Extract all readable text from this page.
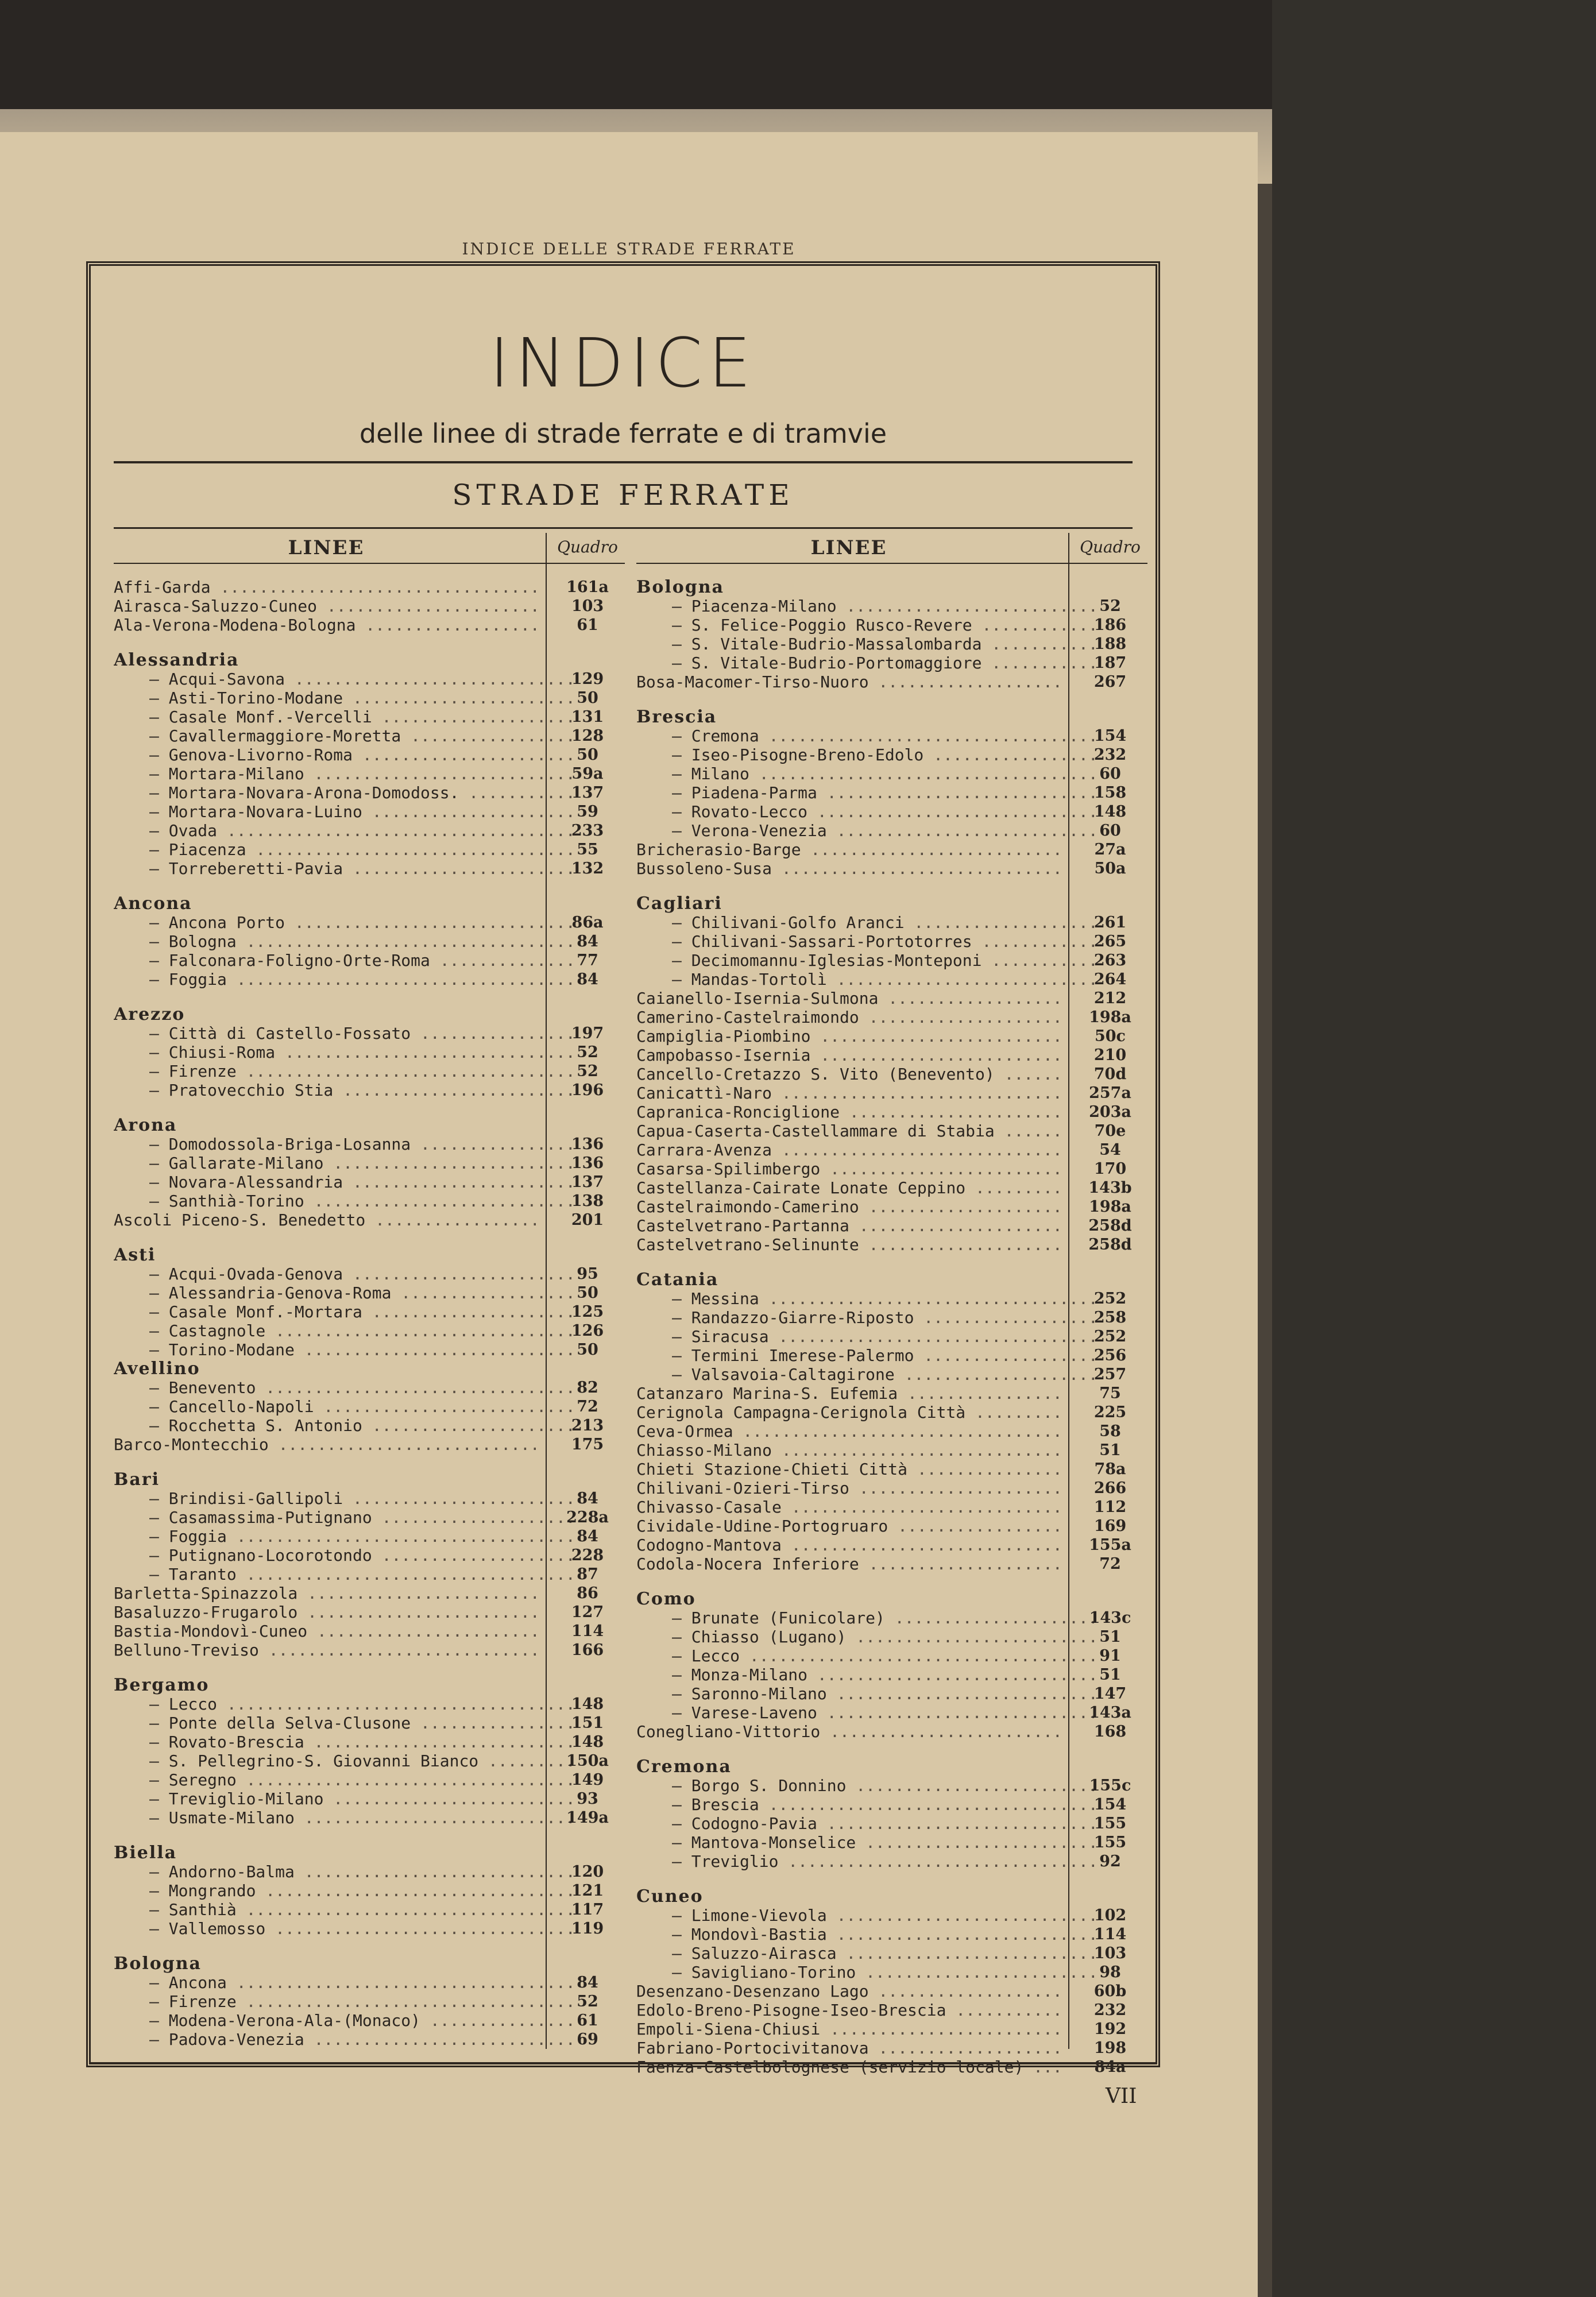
INDICE DELLE STRADE FERRATE
INDICE
delle linee di strade ferrate e di tramvie
STRADE FERRATE
LINEE	Quadro
Affi-Garda .....	161a
Airasca-Saluzzo-Cuneo .....	103
Ala-Verona-Modena-Bologna .....	61
Alessandria
— Acqui-Savona .....	129
— Asti-Torino-Modane .....	50
— Casale Monf.-Vercelli .....	131
— Cavallermaggiore-Moretta .....	128
— Genova-Livorno-Roma .....	50
— Mortara-Milano .....	59a
— Mortara-Novara-Arona-Domodoss. .....	137
— Mortara-Novara-Luino .....	59
— Ovada .....	233
— Piacenza .....	55
— Torreberetti-Pavia .....	132
Ancona
— Ancona Porto .....	86a
— Bologna .....	84
— Falconara-Foligno-Orte-Roma .....	77
— Foggia .....	84
Arezzo
— Città di Castello-Fossato .....	197
— Chiusi-Roma .....	52
— Firenze .....	52
— Pratovecchio Stia .....	196
Arona
— Domodossola-Briga-Losanna .....	136
— Gallarate-Milano .....	136
— Novara-Alessandria .....	137
— Santhià-Torino .....	138
Ascoli Piceno-S. Benedetto .....	201
Asti
— Acqui-Ovada-Genova .....	95
— Alessandria-Genova-Roma .....	50
— Casale Monf.-Mortara .....	125
— Castagnole .....	126
— Torino-Modane .....	50
Avellino
— Benevento .....	82
— Cancello-Napoli .....	72
— Rocchetta S. Antonio .....	213
Barco-Montecchio .....	175
Bari
— Brindisi-Gallipoli .....	84
— Casamassima-Putignano .....	228a
— Foggia .....	84
— Putignano-Locorotondo .....	228
— Taranto .....	87
Barletta-Spinazzola .....	86
Basaluzzo-Frugarolo .....	127
Bastia-Mondovì-Cuneo .....	114
Belluno-Treviso .....	166
Bergamo
— Lecco .....	148
— Ponte della Selva-Clusone .....	151
— Rovato-Brescia .....	148
— S. Pellegrino-S. Giovanni Bianco .....	150a
— Seregno .....	149
— Treviglio-Milano .....	93
— Usmate-Milano .....	149a
Biella
— Andorno-Balma .....	120
— Mongrando .....	121
— Santhià .....	117
— Vallemosso .....	119
Bologna
— Ancona .....	84
— Firenze .....	52
— Modena-Verona-Ala-(Monaco) .....	61
— Padova-Venezia .....	69
LINEE	Quadro
Bologna
— Piacenza-Milano .....	52
— S. Felice-Poggio Rusco-Revere .....	186
— S. Vitale-Budrio-Massalombarda .....	188
— S. Vitale-Budrio-Portomaggiore .....	187
Bosa-Macomer-Tirso-Nuoro .....	267
Brescia
— Cremona .....	154
— Iseo-Pisogne-Breno-Edolo .....	232
— Milano .....	60
— Piadena-Parma .....	158
— Rovato-Lecco .....	148
— Verona-Venezia .....	60
Bricherasio-Barge .....	27a
Bussoleno-Susa .....	50a
Cagliari
— Chilivani-Golfo Aranci .....	261
— Chilivani-Sassari-Portotorres .....	265
— Decimomannu-Iglesias-Monteponi .....	263
— Mandas-Tortolì .....	264
Caianello-Isernia-Sulmona .....	212
Camerino-Castelraimondo .....	198a
Campiglia-Piombino .....	50c
Campobasso-Isernia .....	210
Cancello-Cretazzo S. Vito (Benevento) .....	70d
Canicattì-Naro .....	257a
Capranica-Ronciglione .....	203a
Capua-Caserta-Castellammare di Stabia .....	70e
Carrara-Avenza .....	54
Casarsa-Spilimbergo .....	170
Castellanza-Cairate Lonate Ceppino .....	143b
Castelraimondo-Camerino .....	198a
Castelvetrano-Partanna .....	258d
Castelvetrano-Selinunte .....	258d
Catania
— Messina .....	252
— Randazzo-Giarre-Riposto .....	258
— Siracusa .....	252
— Termini Imerese-Palermo .....	256
— Valsavoia-Caltagirone .....	257
Catanzaro Marina-S. Eufemia .....	75
Cerignola Campagna-Cerignola Città .....	225
Ceva-Ormea .....	58
Chiasso-Milano .....	51
Chieti Stazione-Chieti Città .....	78a
Chilivani-Ozieri-Tirso .....	266
Chivasso-Casale .....	112
Cividale-Udine-Portogruaro .....	169
Codogno-Mantova .....	155a
Codola-Nocera Inferiore .....	72
Como
— Brunate (Funicolare) .....	143c
— Chiasso (Lugano) .....	51
— Lecco .....	91
— Monza-Milano .....	51
— Saronno-Milano .....	147
— Varese-Laveno .....	143a
Conegliano-Vittorio .....	168
Cremona
— Borgo S. Donnino .....	155c
— Brescia .....	154
— Codogno-Pavia .....	155
— Mantova-Monselice .....	155
— Treviglio .....	92
Cuneo
— Limone-Vievola .....	102
— Mondovì-Bastia .....	114
— Saluzzo-Airasca .....	103
— Savigliano-Torino .....	98
Desenzano-Desenzano Lago .....	60b
Edolo-Breno-Pisogne-Iseo-Brescia .....	232
Empoli-Siena-Chiusi .....	192
Fabriano-Portocivitanova .....	198
Faenza-Castelbolognese (servizio locale) .....	84a
VII
